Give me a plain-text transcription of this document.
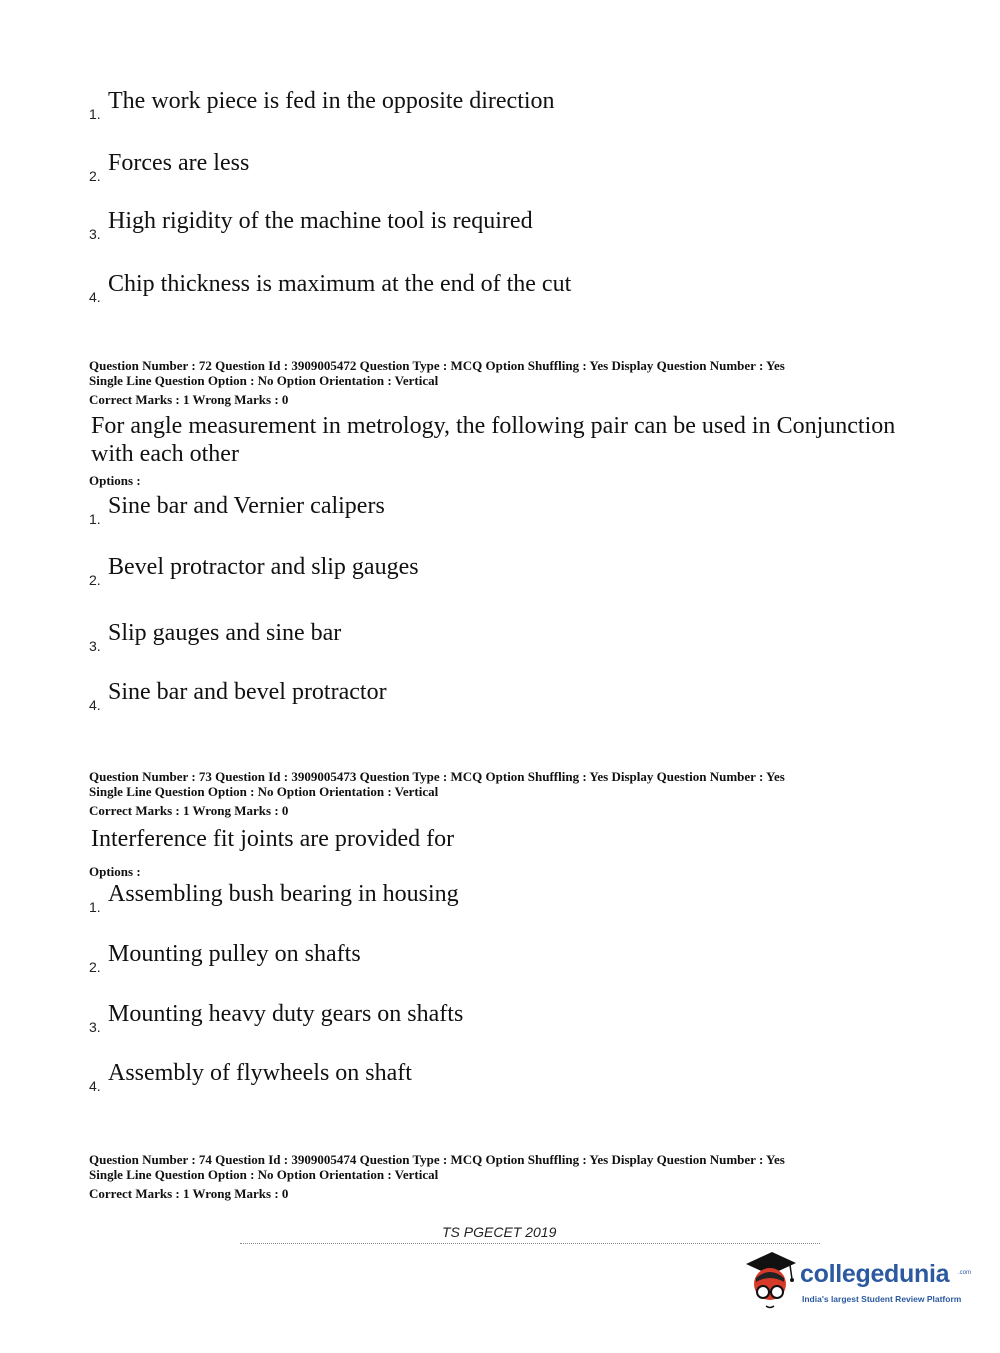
1. The work piece is fed in the opposite direction
2. Forces are less
3. High rigidity of the machine tool is required
4. Chip thickness is maximum at the end of the cut
Question Number : 72 Question Id : 3909005472 Question Type : MCQ Option Shuffling : Yes Display Question Number : Yes
Single Line Question Option : No Option Orientation : Vertical
Correct Marks : 1 Wrong Marks : 0
For angle measurement in metrology, the following pair can be used in Conjunction with each other
Options :
1. Sine bar and Vernier calipers
2. Bevel protractor and slip gauges
3. Slip gauges and sine bar
4. Sine bar and bevel protractor
Question Number : 73 Question Id : 3909005473 Question Type : MCQ Option Shuffling : Yes Display Question Number : Yes
Single Line Question Option : No Option Orientation : Vertical
Correct Marks : 1 Wrong Marks : 0
Interference fit joints are provided for
Options :
1. Assembling bush bearing in housing
2. Mounting pulley on shafts
3. Mounting heavy duty gears on shafts
4. Assembly of flywheels on shaft
Question Number : 74 Question Id : 3909005474 Question Type : MCQ Option Shuffling : Yes Display Question Number : Yes
Single Line Question Option : No Option Orientation : Vertical
Correct Marks : 1 Wrong Marks : 0
TS PGECET 2019
collegedunia .com
India's largest Student Review Platform
